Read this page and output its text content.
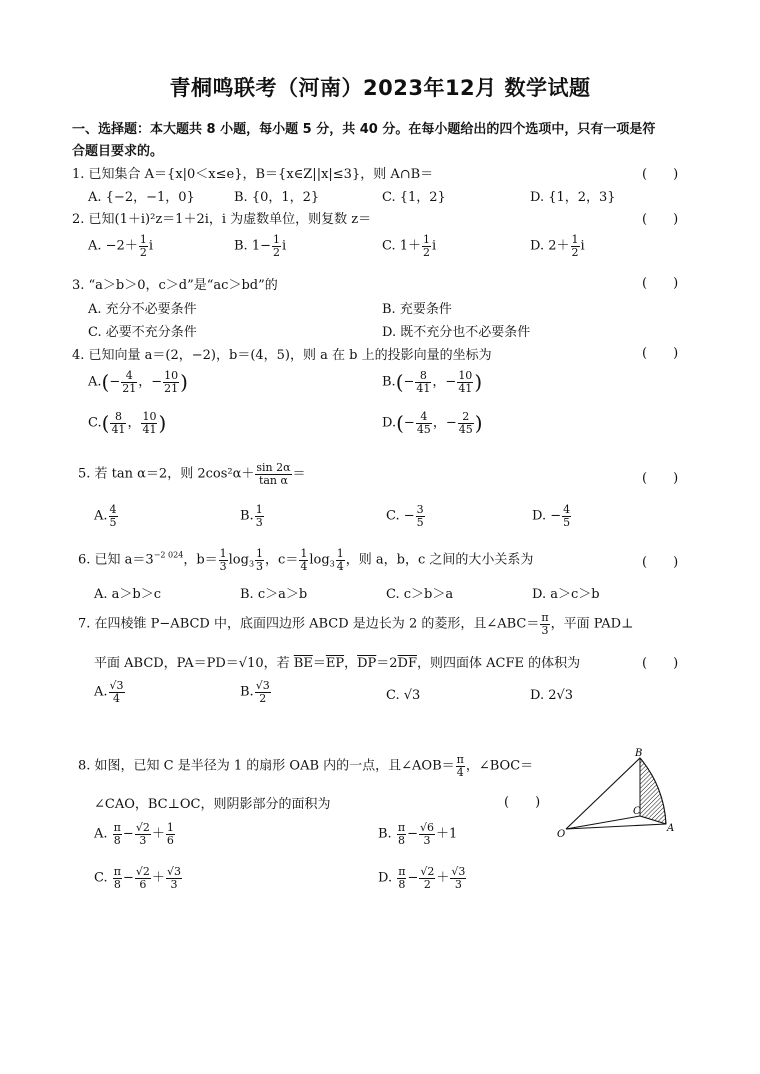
青桐鸣联考（河南）2023年12月 数学试题
一、选择题：本大题共 8 小题，每小题 5 分，共 40 分。在每小题给出的四个选项中，只有一项是符
合题目要求的。
1. 已知集合 A＝{x|0＜x≤e}，B＝{x∈Z||x|≤3}，则 A∩B＝	(　　)
A. {−2，−1，0}	B. {0，1，2}	C. {1，2}	D. {1，2，3}
2. 已知(1＋i)²z＝1＋2i，i 为虚数单位，则复数 z＝	(　　)
A. $-2+ \frac{1}{2}$ i	B. $1- \frac{1}{2}$ i	C. $1+ \frac{1}{2}$ i	D. $2+ \frac{1}{2}$ i
3. “a＞b＞0，c＞d”是“ac＞bd”的	(　　)
A. 充分不必要条件	B. 充要条件
C. 必要不充分条件	D. 既不充分也不必要条件
4. 已知向量 a＝(2，−2)，b＝(4，5)，则 a 在 b 上的投影向量的坐标为	(　　)
$A.(- \frac{4}{21}$ ，− $\frac{10}{21}$ )	$B.(- \frac{8}{41}$ ，− $\frac{10}{41}$ )
$C.( \frac{8}{41}$ ， $\frac{10}{41}$ )	$D.(- \frac{4}{45}$ ，− $\frac{2}{45}$ )
5. 若 tan α＝2，则 $2\cos^2\alpha+ \frac{\sin 2\alpha}{\text{tan α}}$ ＝	(　　)
A. $\frac{4}{5}$	B. $\frac{1}{3}$	C. − $\frac{3}{5}$	D. − $\frac{4}{5}$
6. 已知 $a=3^{-2 024}$，$b= \frac{1}{3} \log_3 \frac{1}{3}$ ，$c= \frac{1}{4} \log_3 \frac{1}{4}$ ，则 a，b，c 之间的大小关系为	(　　)
A. a＞b＞c	B. c＞a＞b	C. c＞b＞a	D. a＞c＞b
7. 在四棱锥 P−ABCD 中，底面四边形 ABCD 是边长为 2 的菱形，且∠ABC＝ $\frac{\pi}{3}$ ，平面 PAD⊥
平面 ABCD，PA＝PD＝√10，若 $\overline{BE}=\overline{EP}$，$\overline{DP}=2\overline{DF}$，则四面体 ACFE 的体积为	(　　)
A. $\frac{√3}{4}$	B. $\frac{√3}{2}$	C. √3	D. 2√3
8. 如图，已知 C 是半径为 1 的扇形 OAB 内的一点，且∠AOB＝ $\frac{\pi}{4}$ ，∠BOC＝
∠CAO，BC⊥OC，则阴影部分的面积为	(　　)
A. $\frac{\pi}{8} - \frac{√2}{3} + \frac{1}{6}$	B. $\frac{\pi}{8} - \frac{√6}{3} +1$
C. $\frac{\pi}{8} - \frac{√2}{6} + \frac{√3}{3}$	D. $\frac{\pi}{8} - \frac{√2}{2} + \frac{√3}{3}$
B
C
O
A
